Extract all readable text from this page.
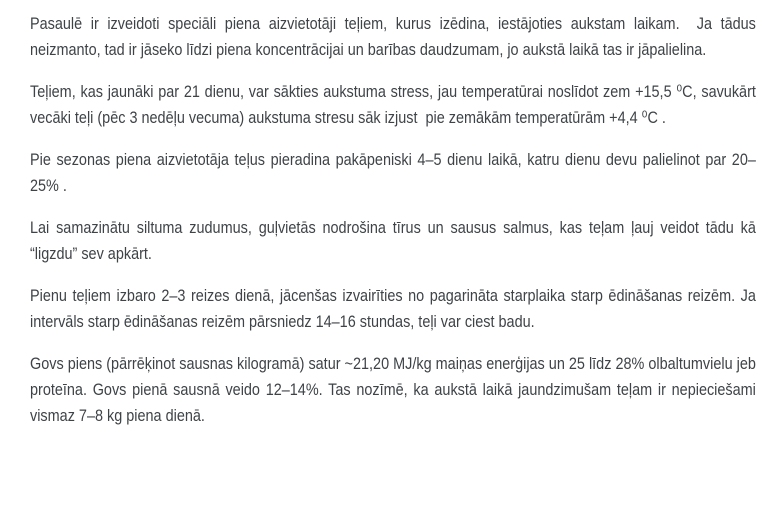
Pasaulē ir izveidoti speciāli piena aizvietotāji teļiem, kurus izēdina, iestājoties aukstam laikam.  Ja tādus neizmanto, tad ir jāseko līdzi piena koncentrācijai un barības daudzumam, jo aukstā laikā tas ir jāpalielina.

Teļiem, kas jaunāki par 21 dienu, var sākties aukstuma stress, jau temperatūrai noslīdot zem +15,5 ⁰C, savukārt vecāki teļi (pēc 3 nedēļu vecuma) aukstuma stresu sāk izjust  pie zemākām temperatūrām +4,4 ⁰C .

Pie sezonas piena aizvietotāja teļus pieradina pakāpeniski 4–5 dienu laikā, katru dienu devu palielinot par 20–25% .

Lai samazinātu siltuma zudumus, guļvietās nodrošina tīrus un sausus salmus, kas teļam ļauj veidot tādu kā “ligzdu” sev apkārt.

Pienu teļiem izbaro 2–3 reizes dienā, jācenšas izvairīties no pagarināta starplaika starp ēdināšanas reizēm. Ja intervāls starp ēdināšanas reizēm pārsniedz 14–16 stundas, teļi var ciest badu.

Govs piens (pārrēķinot sausnas kilogramā) satur ~21,20 MJ/kg maiņas enerģijas un 25 līdz 28% olbaltumvielu jeb proteīna. Govs pienā sausnā veido 12–14%. Tas nozīmē, ka aukstā laikā jaundzimušam teļam ir nepieciešami vismaz 7–8 kg piena dienā.
